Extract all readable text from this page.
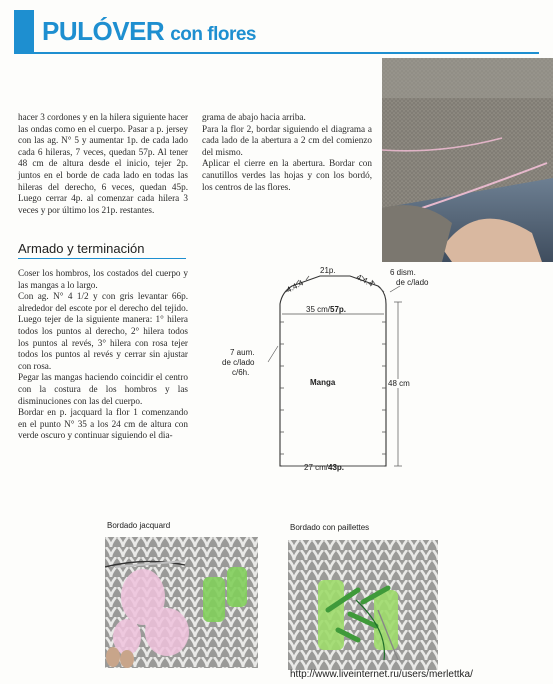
PULÓVER con flores

hacer 3 cordones y en la hilera siguiente hacer las ondas como en el cuerpo. Pasar a p. jersey con las ag. N° 5 y aumentar 1p. de cada lado cada 6 hileras, 7 veces, quedan 57p. Al tener 48 cm de altura desde el inicio, tejer 2p. juntos en el borde de cada lado en todas las hileras del derecho, 6 veces, quedan 45p. Luego cerrar 4p. al comenzar cada hilera 3 veces y por último los 21p. restantes.

grama de abajo hacia arriba.

Para la flor 2, bordar siguiendo el diagrama a cada lado de la abertura a 2 cm del comienzo del mismo.

Aplicar el cierre en la abertura. Bordar con canutillos verdes las hojas y con los bordó, los centros de las flores.

Armado y terminación

Coser los hombros, los costados del cuerpo y las mangas a lo largo.

Con ag. N° 4 1/2 y con gris levantar 66p. alrededor del escote por el derecho del tejido. Luego tejer de la siguiente manera: 1° hilera todos los puntos al derecho, 2° hilera todos los puntos al revés, 3° hilera con rosa tejer todos los puntos al revés y cerrar sin ajustar con rosa.

Pegar las mangas haciendo coincidir el centro con la costura de los hombros y las disminuciones con las del cuerpo.

Bordar en p. jacquard la flor 1 comenzando en el punto N° 35 a los 24 cm de altura con verde oscuro y continuar siguiendo el dia-

21p.
4.4.4	4.4.4 6 dism.
de c/lado
35 cm/57p.
7 aum.
de c/lado
c/6h.
Manga	48 cm
27 cm/43p.
Bordado jacquard	Bordado con paillettes
http://www.liveinternet.ru/users/merlettka/
